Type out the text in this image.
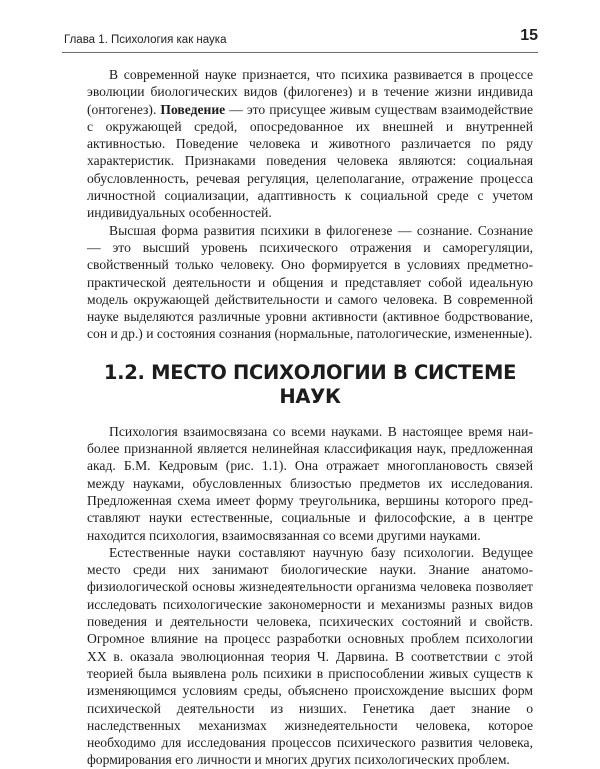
Глава 1. Психология как наука	15

В современной науке признается, что психика развивается в процессе эволюции биологических видов (филогенез) и в течение жизни индивида (онтогенез). Поведение — это присущее живым существам взаимодействие с окружающей средой, опосредованное их внешней и внутренней активностью. Поведение человека и животного различается по ряду характеристик. Признаками поведения человека являются: социальная обусловленность, речевая регуляция, целеполагание, отражение процесса личностной социализации, адаптивность к социальной среде с учетом индивидуальных особенностей.

Высшая форма развития психики в филогенезе — сознание. Сознание — это высший уровень психического отражения и саморегуляции, свойственный только человеку. Оно формируется в условиях предметно-практической деятельности и общения и представляет собой идеальную модель окружающей действительности и самого человека. В современной науке выделяются различные уровни активности (активное бодрствование, сон и др.) и состояния сознания (нормальные, патологические, измененные).

1.2. МЕСТО ПСИХОЛОГИИ В СИСТЕМЕ НАУК

Психология взаимосвязана со всеми науками. В настоящее время наиболее признанной является нелинейная классификация наук, предложенная акад. Б.М. Кедровым (рис. 1.1). Она отражает многоплановость связей между науками, обусловленных близостью предметов их исследования. Предложенная схема имеет форму треугольника, вершины которого представляют науки естественные, социальные и философские, а в центре находится психология, взаимосвязанная со всеми другими науками.

Естественные науки составляют научную базу психологии. Ведущее место среди них занимают биологические науки. Знание анатомофизиологической основы жизнедеятельности организма человека позволяет исследовать психологические закономерности и механизмы разных видов поведения и деятельности человека, психических состояний и свойств. Огромное влияние на процесс разработки основных проблем психологии XX в. оказала эволюционная теория Ч. Дарвина. В соответствии с этой теорией была выявлена роль психики в приспособлении живых существ к изменяющимся условиям среды, объяснено происхождение высших форм психической деятельности из низших. Генетика дает знание о наследственных механизмах жизнедеятельности человека, которое необходимо для исследования процессов психического развития человека, формирования его личности и многих других психологических проблем.
